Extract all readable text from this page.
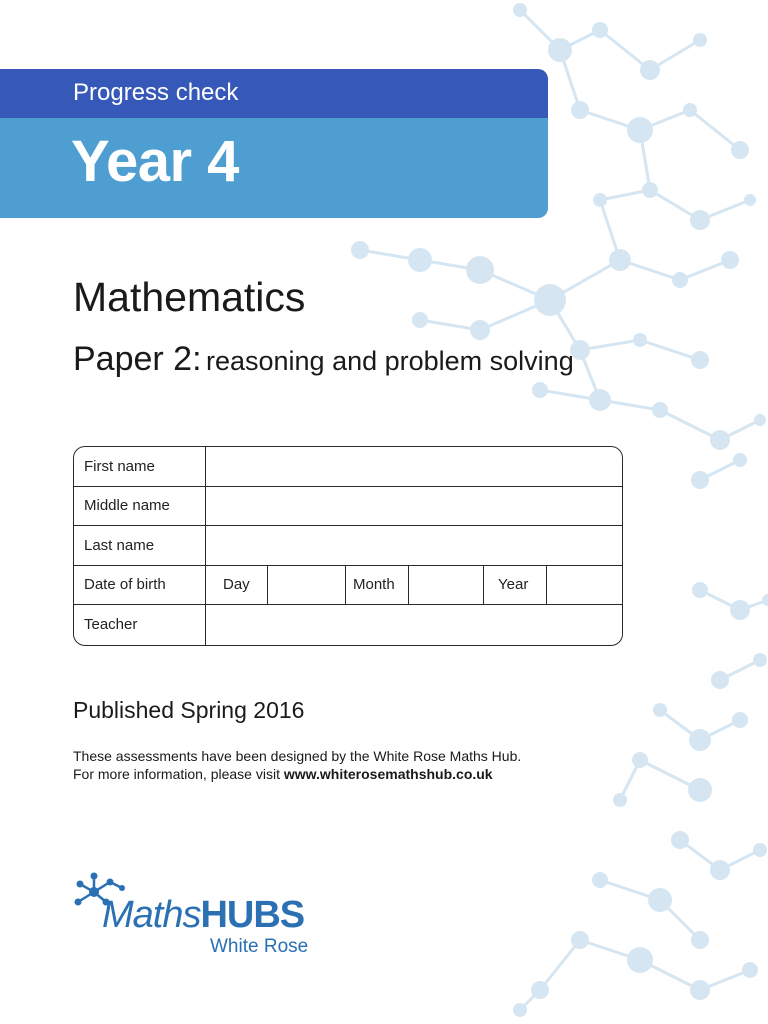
Progress check
Year 4
Mathematics
Paper 2: reasoning and problem solving
First name
Middle name
Last name
Date of birth	Day	Month	Year
Teacher
Published Spring 2016
These assessments have been designed by the White Rose Maths Hub.
For more information, please visit www.whiterosemathshub.co.uk
MathsHUBS
White Rose
